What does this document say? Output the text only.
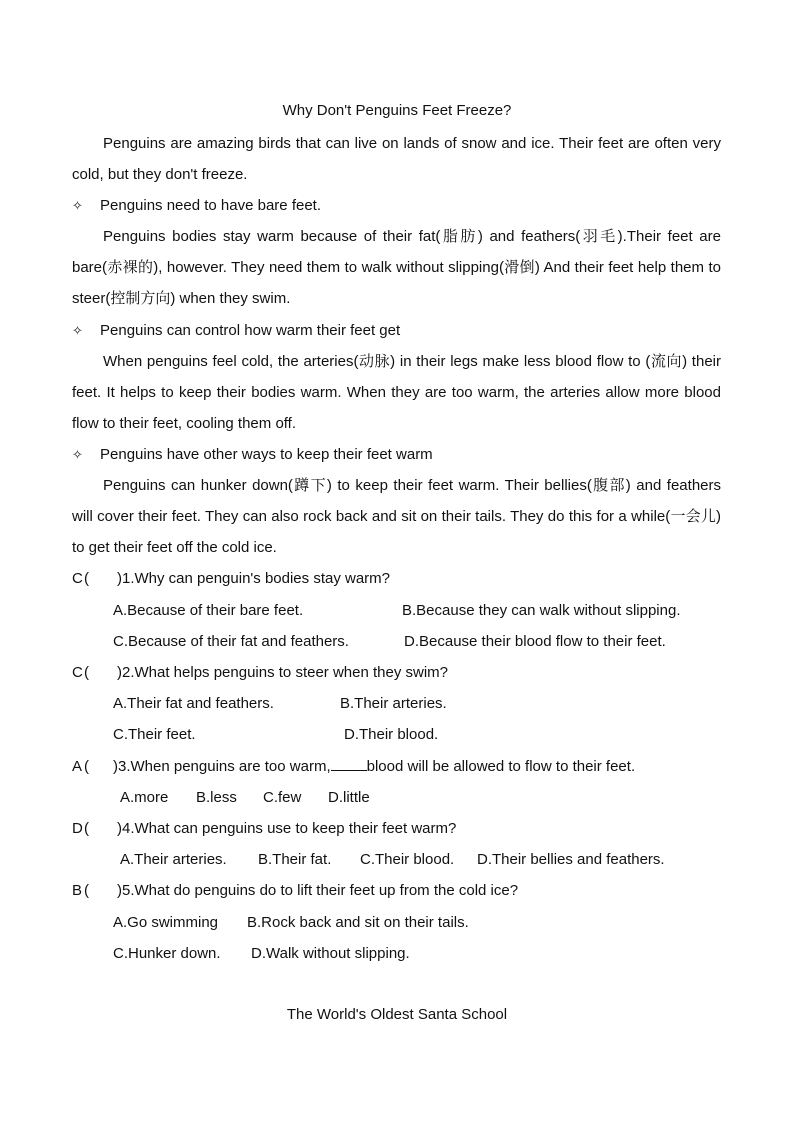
Why Don't Penguins Feet Freeze?
Penguins are amazing birds that can live on lands of snow and ice. Their feet are often very cold, but they don't freeze.
✧ Penguins need to have bare feet.
Penguins bodies stay warm because of their fat(脂肪) and feathers(羽毛).Their feet are bare(赤裸的), however. They need them to walk without slipping(滑倒) And their feet help them to steer(控制方向) when they swim.
✧ Penguins can control how warm their feet get
When penguins feel cold, the arteries(动脉) in their legs make less blood flow to (流向) their feet. It helps to keep their bodies warm. When they are too warm, the arteries allow more blood flow to their feet, cooling them off.
✧ Penguins have other ways to keep their feet warm
Penguins can hunker down(蹲下) to keep their feet warm. Their bellies(腹部) and feathers will cover their feet. They can also rock back and sit on their tails. They do this for a while(一会儿) to get their feet off the cold ice.
C( )1.Why can penguin's bodies stay warm?
A.Because of their bare feet.	B.Because they can walk without slipping.
C.Because of their fat and feathers.	D.Because their blood flow to their feet.
C( )2.What helps penguins to steer when they swim?
A.Their fat and feathers.	B.Their arteries.
C.Their feet.	D.Their blood.
A ( )3.When penguins are too warm, blood will be allowed to flow to their feet.
A.more B.less C.few D.little
D( )4.What can penguins use to keep their feet warm?
A.Their arteries. B.Their fat. C.Their blood. D.Their bellies and feathers.
B ( )5.What do penguins do to lift their feet up from the cold ice?
A.Go swimming B.Rock back and sit on their tails.
C.Hunker down. D.Walk without slipping.
The World's Oldest Santa School
